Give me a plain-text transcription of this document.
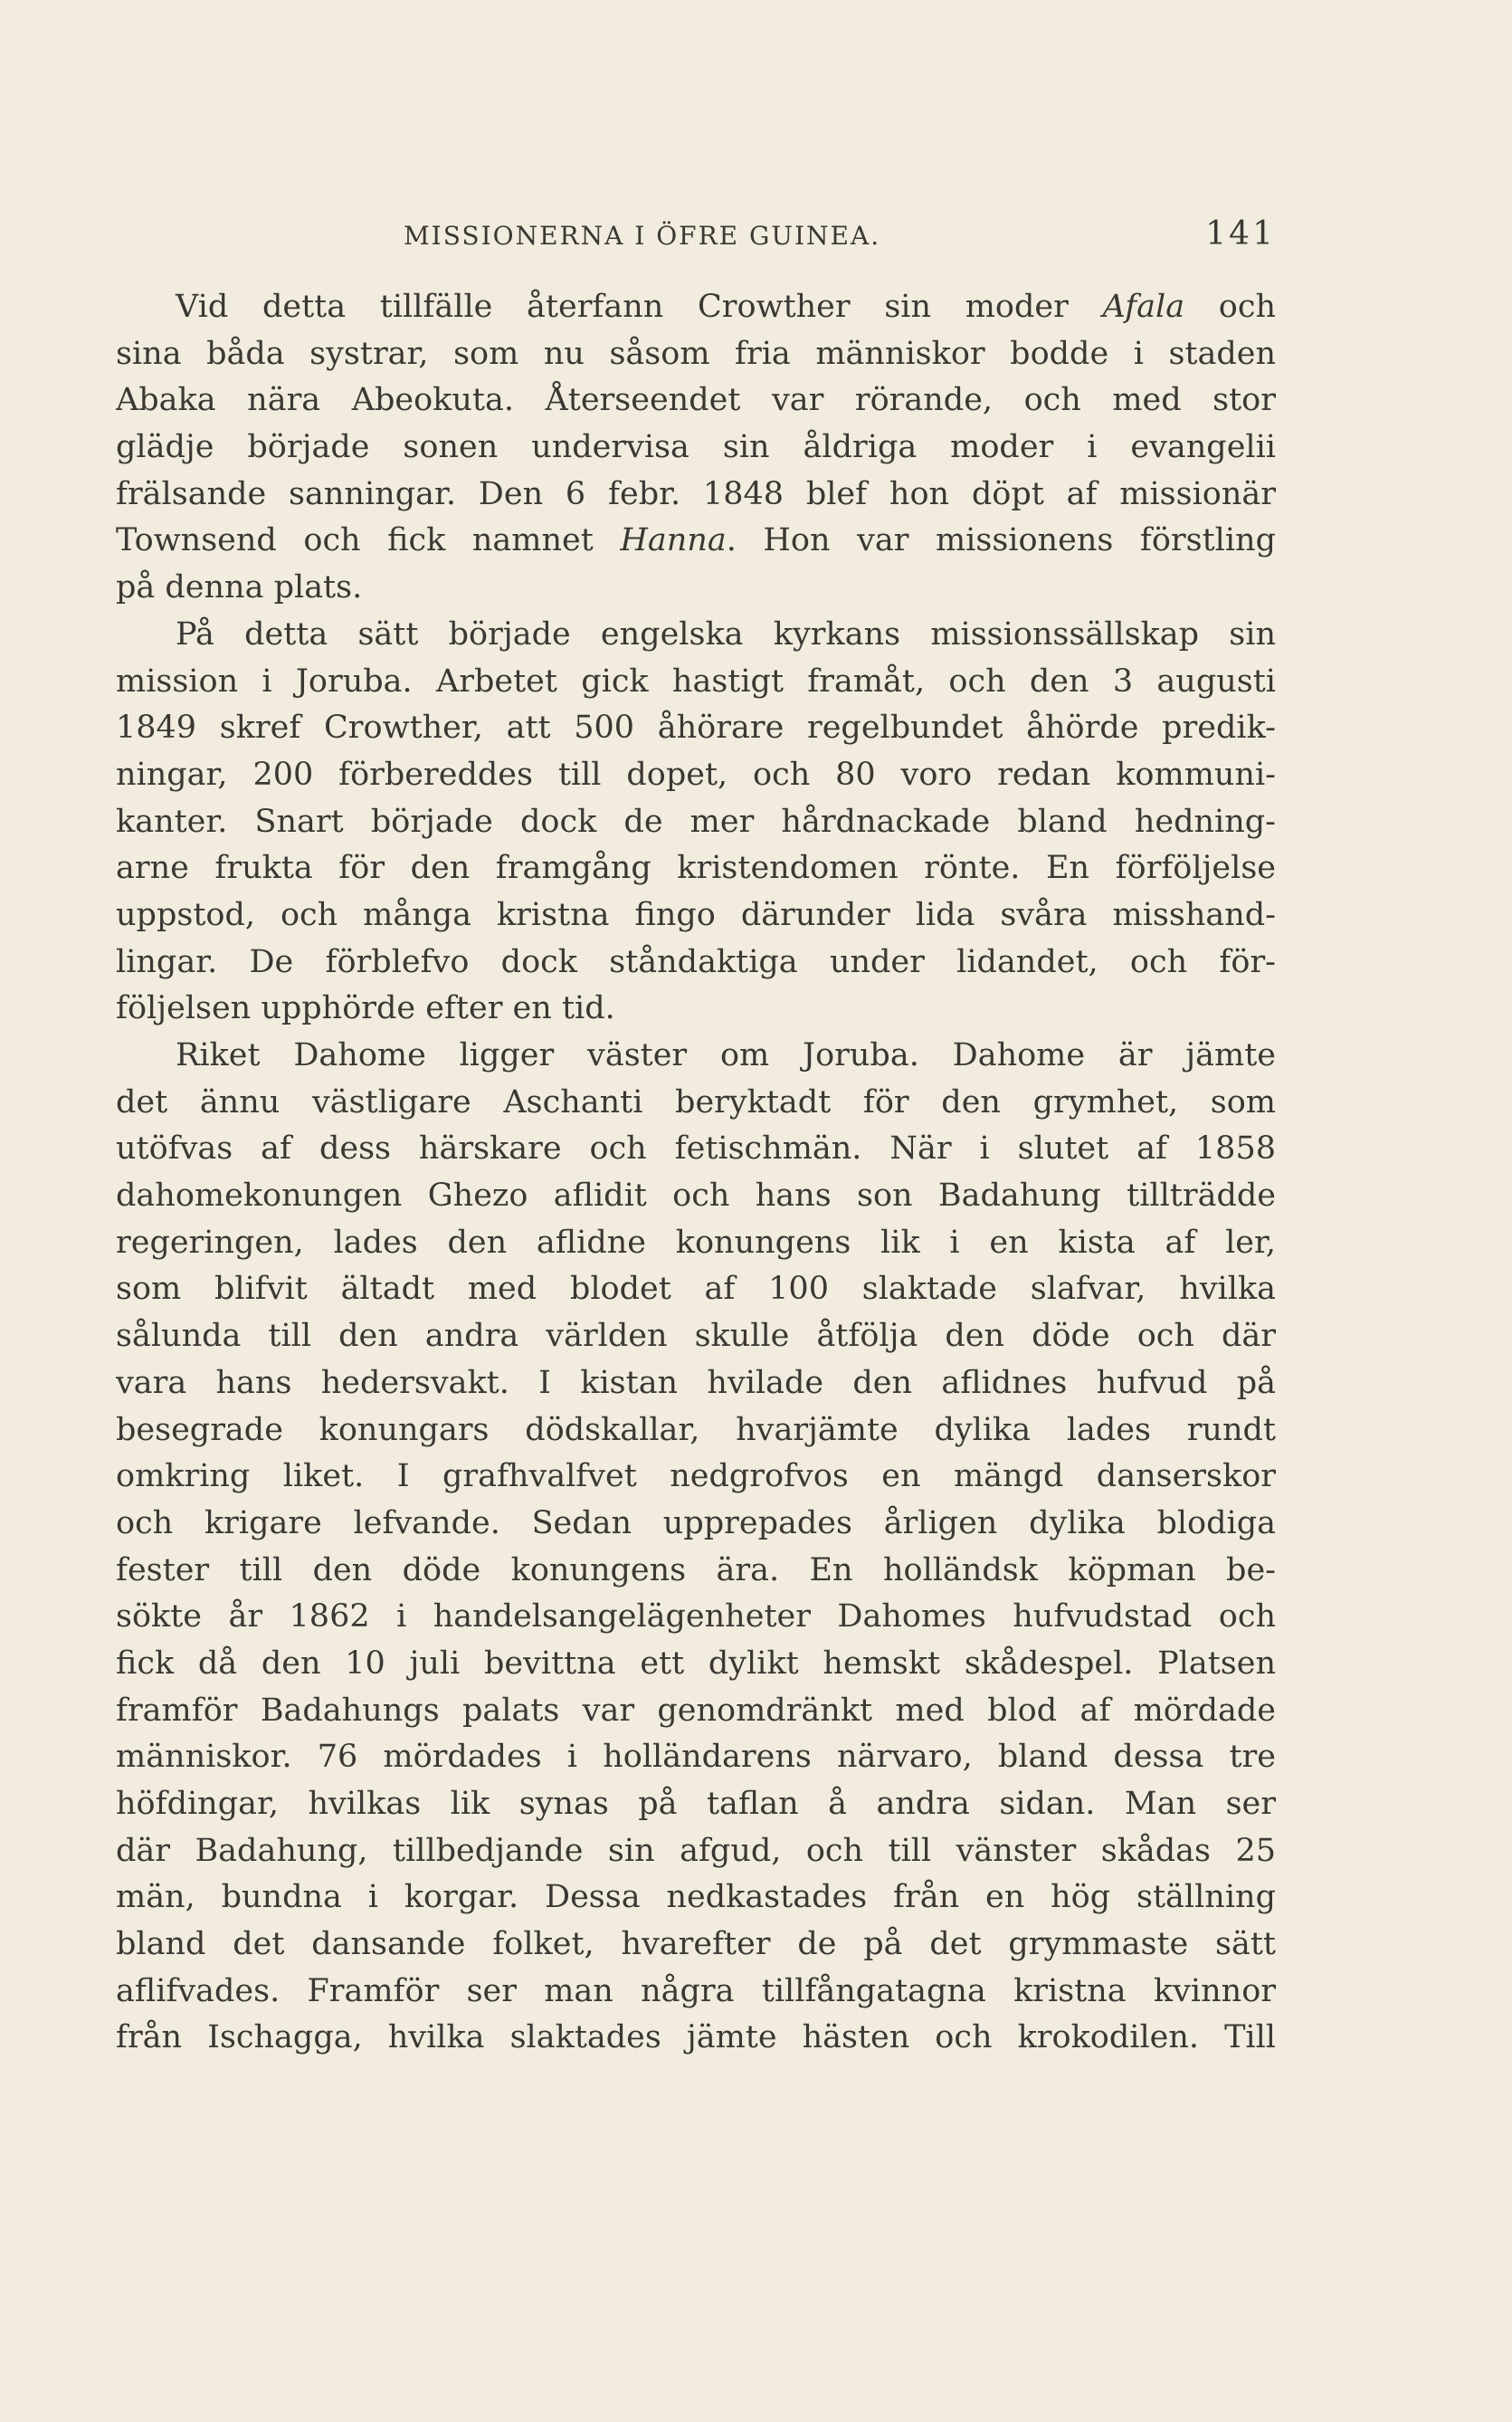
MISSIONERNA I ÖFRE GUINEA.	141
Vid detta tillfälle återfann Crowther sin moder Afala och
sina båda systrar, som nu såsom fria människor bodde i staden
Abaka nära Abeokuta. Återseendet var rörande, och med stor
glädje började sonen undervisa sin åldriga moder i evangelii
frälsande sanningar. Den 6 febr. 1848 blef hon döpt af missionär
Townsend och fick namnet Hanna. Hon var missionens förstling
på denna plats.
På detta sätt började engelska kyrkans missionssällskap sin
mission i Joruba. Arbetet gick hastigt framåt, och den 3 augusti
1849 skref Crowther, att 500 åhörare regelbundet åhörde predik-
ningar, 200 förbereddes till dopet, och 80 voro redan kommuni-
kanter. Snart började dock de mer hårdnackade bland hedning-
arne frukta för den framgång kristendomen rönte. En förföljelse
uppstod, och många kristna fingo därunder lida svåra misshand-
lingar. De förblefvo dock ståndaktiga under lidandet, och för-
följelsen upphörde efter en tid.
Riket Dahome ligger väster om Joruba. Dahome är jämte
det ännu västligare Aschanti beryktadt för den grymhet, som
utöfvas af dess härskare och fetischmän. När i slutet af 1858
dahomekonungen Ghezo aflidit och hans son Badahung tillträdde
regeringen, lades den aflidne konungens lik i en kista af ler,
som blifvit ältadt med blodet af 100 slaktade slafvar, hvilka
sålunda till den andra världen skulle åtfölja den döde och där
vara hans hedersvakt. I kistan hvilade den aflidnes hufvud på
besegrade konungars dödskallar, hvarjämte dylika lades rundt
omkring liket. I grafhvalfvet nedgrofvos en mängd danserskor
och krigare lefvande. Sedan upprepades årligen dylika blodiga
fester till den döde konungens ära. En holländsk köpman be-
sökte år 1862 i handelsangelägenheter Dahomes hufvudstad och
fick då den 10 juli bevittna ett dylikt hemskt skådespel. Platsen
framför Badahungs palats var genomdränkt med blod af mördade
människor. 76 mördades i holländarens närvaro, bland dessa tre
höfdingar, hvilkas lik synas på taflan å andra sidan. Man ser
där Badahung, tillbedjande sin afgud, och till vänster skådas 25
män, bundna i korgar. Dessa nedkastades från en hög ställning
bland det dansande folket, hvarefter de på det grymmaste sätt
aflifvades. Framför ser man några tillfångatagna kristna kvinnor
från Ischagga, hvilka slaktades jämte hästen och krokodilen. Till
